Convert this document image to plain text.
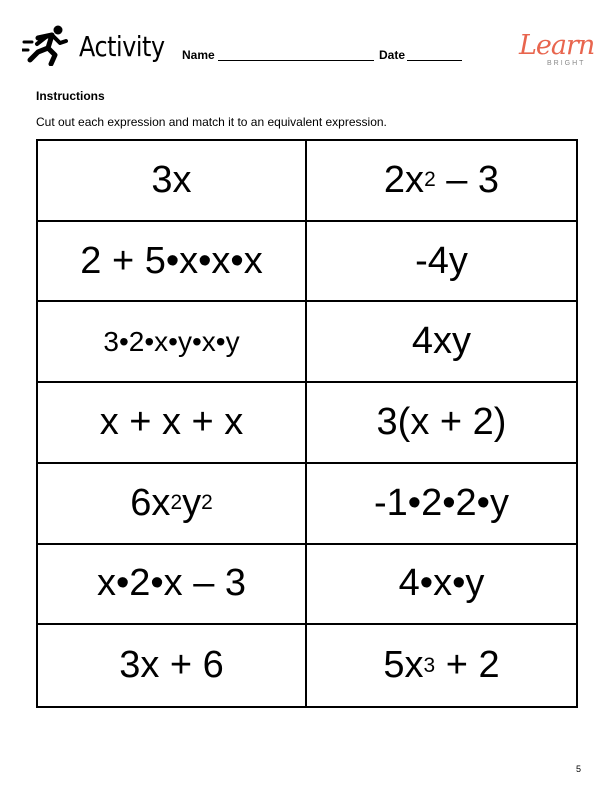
Activity Name	Date	Learn
BRIGHT
Instructions
Cut out each expression and match it to an equivalent expression.
3x	2x 2 – 3
2 + 5•x•x•x	-4y
3•2•x•y•x•y	4xy
x + x + x	3(x + 2)
6x 2 y 2	-1•2•2•y
x•2•x – 3	4•x•y
3x + 6	5x 3 + 2
5
